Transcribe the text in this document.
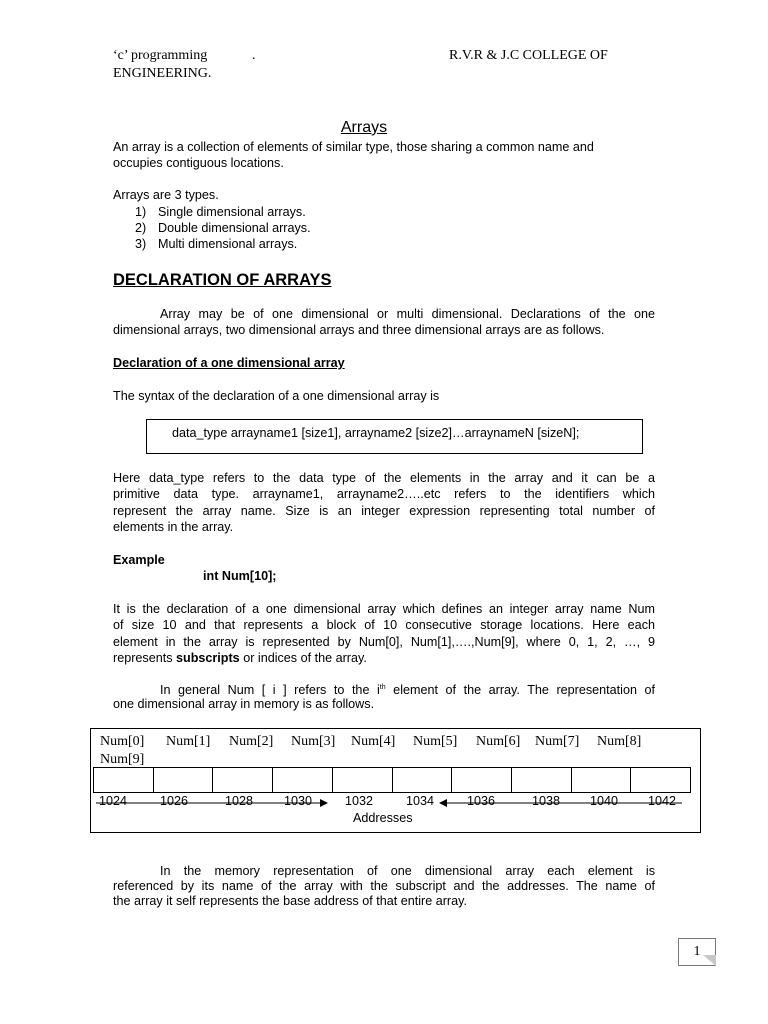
‘c’ programming	.	R.V.R & J.C COLLEGE OF
ENGINEERING.
Arrays
An array is a collection of elements of similar type, those sharing a common name and
occupies contiguous locations.
Arrays are 3 types.
1) Single dimensional arrays.
2) Double dimensional arrays.
3) Multi dimensional arrays.
DECLARATION OF ARRAYS
Array may be of one dimensional or multi dimensional. Declarations of the one
dimensional arrays, two dimensional arrays and three dimensional arrays are as follows.
Declaration of a one dimensional array
The syntax of the declaration of a one dimensional array is
data_type arrayname1 [size1], arrayname2 [size2]…arraynameN [sizeN];
Here data_type refers to the data type of the elements in the array and it can be a
primitive data type. arrayname1, arrayname2…..etc refers to the identifiers which
represent the array name. Size is an integer expression representing total number of
elements in the array.
Example
int Num[10];
It is the declaration of a one dimensional array which defines an integer array name Num
of size 10 and that represents a block of 10 consecutive storage locations. Here each
element in the array is represented by Num[0], Num[1],….,Num[9], where 0, 1, 2, …, 9
represents subscripts or indices of the array.
In general Num [ i ] refers to the $i^{th}$ element of the array. The representation of
one dimensional array in memory is as follows.
Num[0] Num[1] Num[2] Num[3] Num[4] Num[5] Num[6] Num[7] Num[8]
Num[9]
1024	1026	1028 1030	1032	1034	1036	1038 1040 1042
Addresses
In the memory representation of one dimensional array each element is
referenced by its name of the array with the subscript and the addresses. The name of
the array it self represents the base address of that entire array.
1
